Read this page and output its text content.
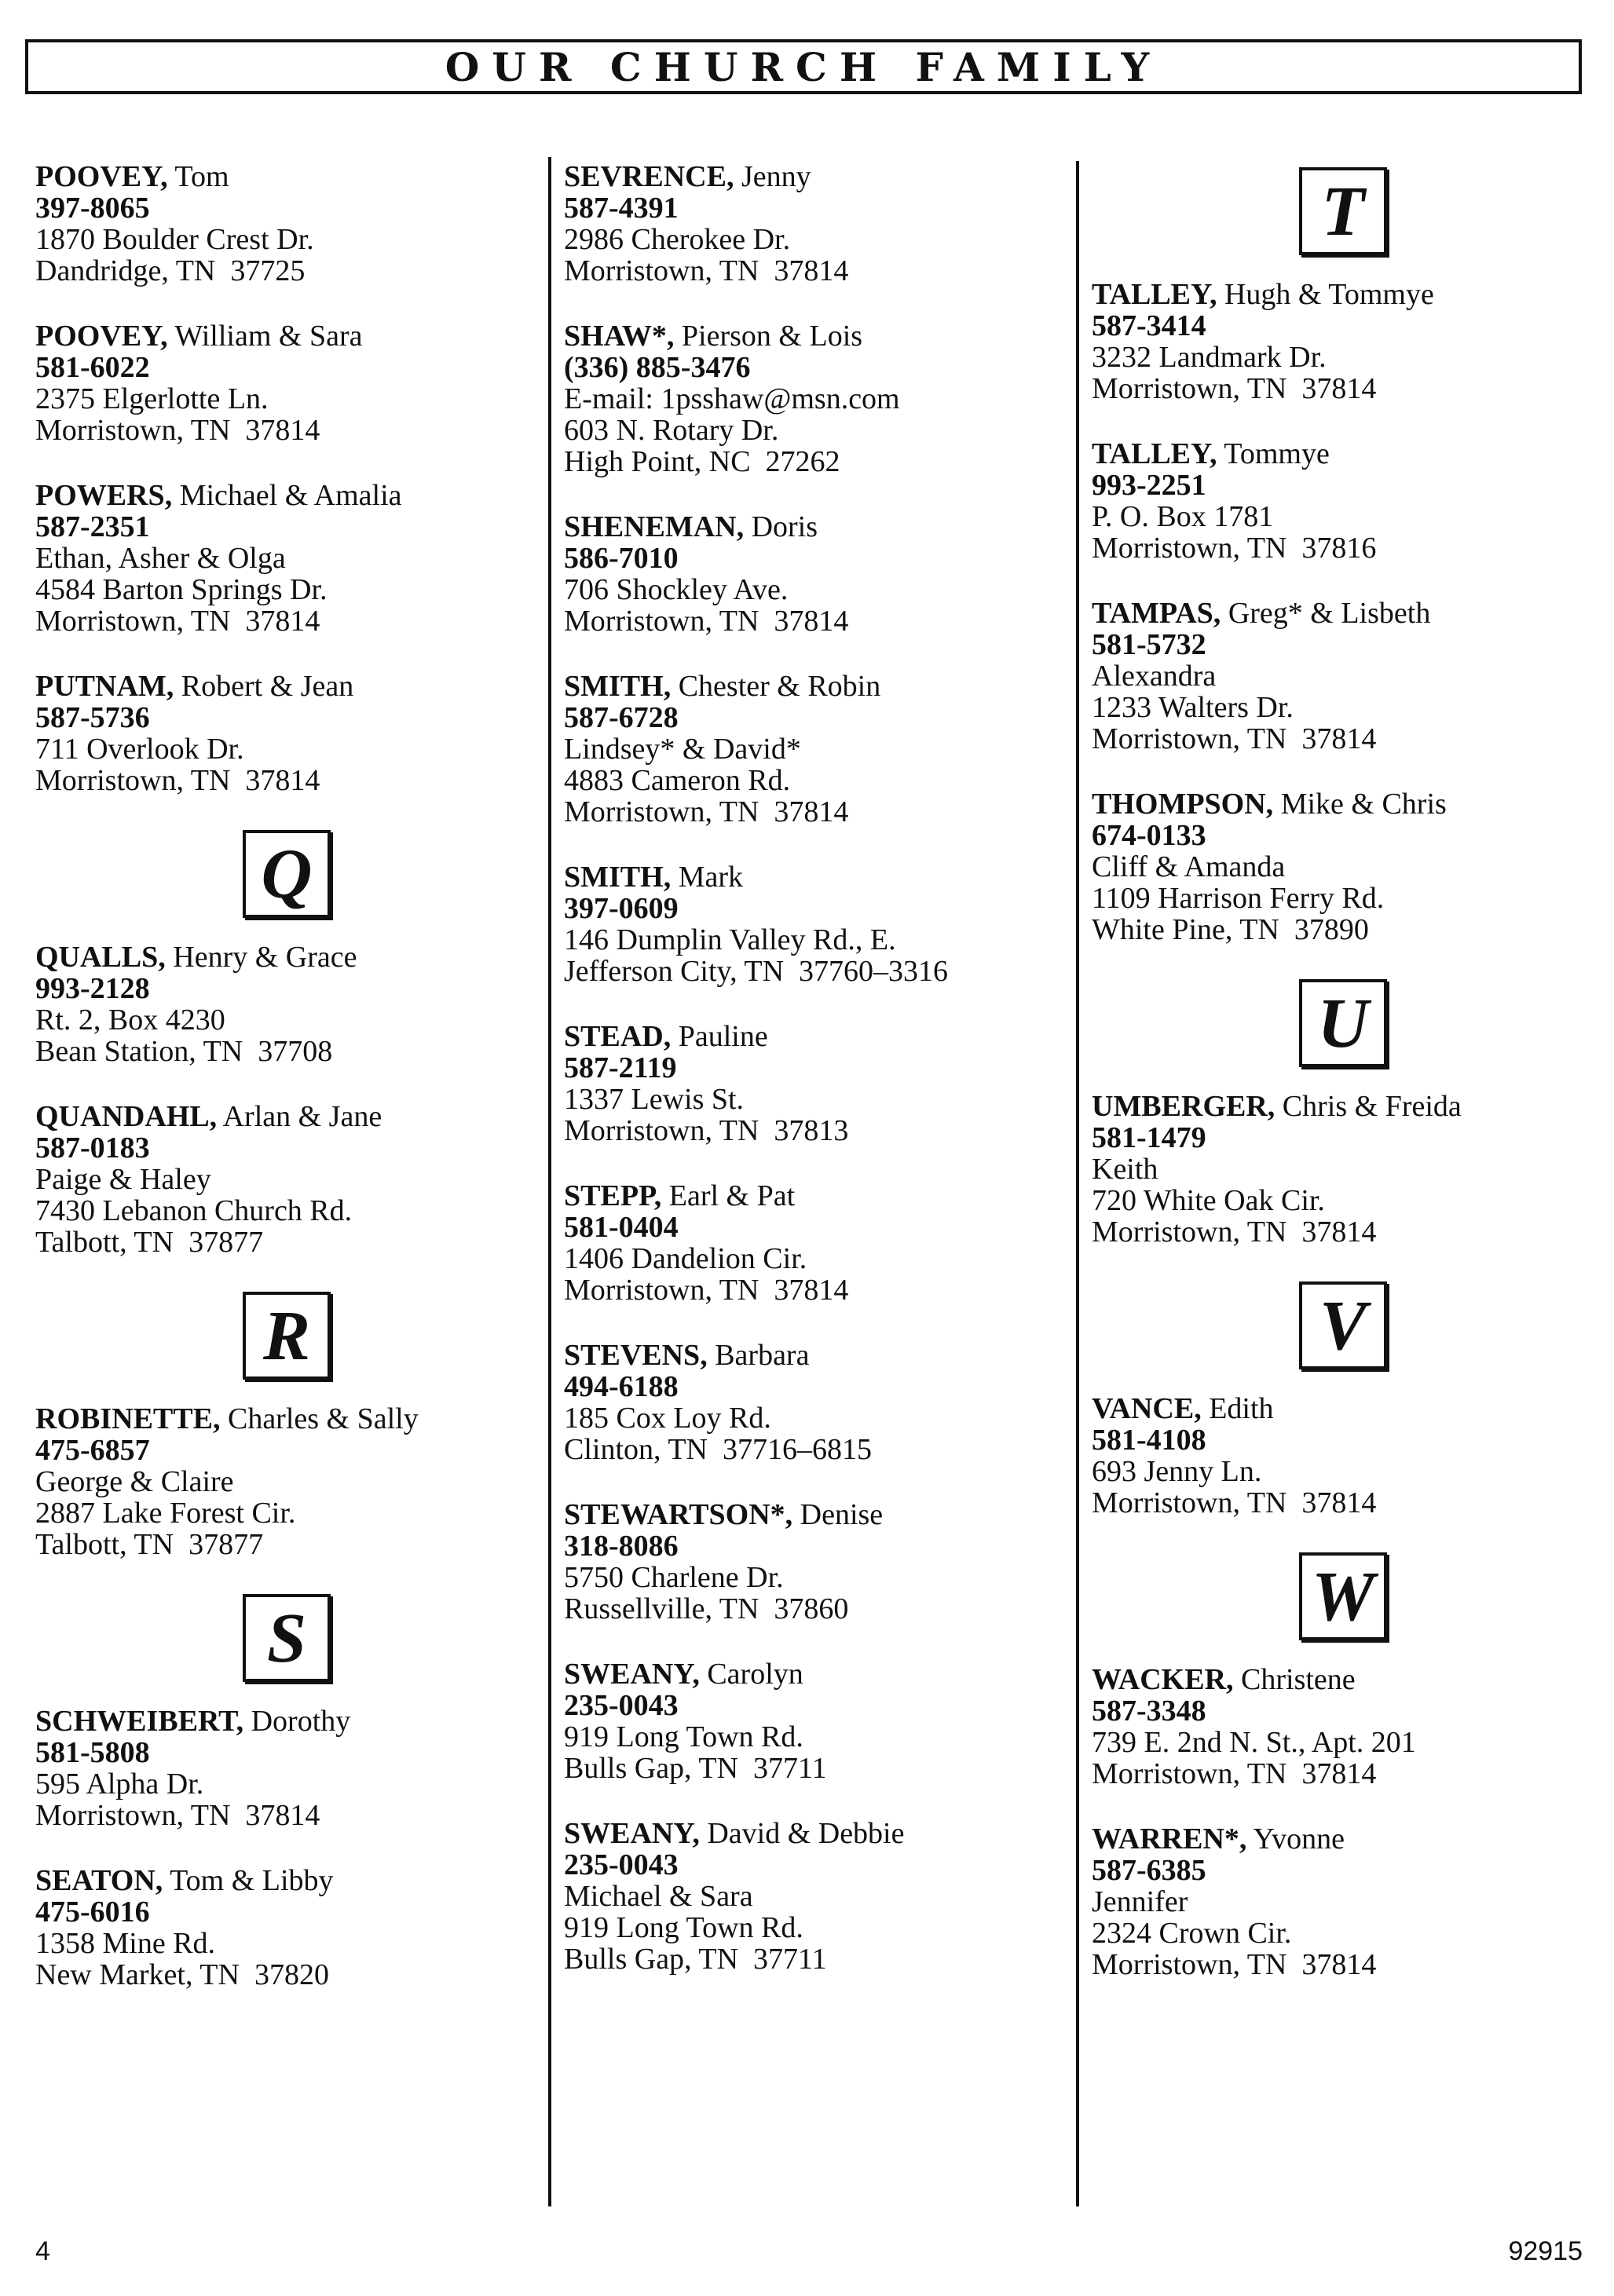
OUR CHURCH FAMILY
POOVEY, Tom
397-8065
1870 Boulder Crest Dr.
Dandridge, TN  37725
POOVEY, William & Sara
581-6022
2375 Elgerlotte Ln.
Morristown, TN  37814
POWERS, Michael & Amalia
587-2351
Ethan, Asher & Olga
4584 Barton Springs Dr.
Morristown, TN  37814
PUTNAM, Robert & Jean
587-5736
711 Overlook Dr.
Morristown, TN  37814
Q
QUALLS, Henry & Grace
993-2128
Rt. 2, Box 4230
Bean Station, TN  37708
QUANDAHL, Arlan & Jane
587-0183
Paige & Haley
7430 Lebanon Church Rd.
Talbott, TN  37877
R
ROBINETTE, Charles & Sally
475-6857
George & Claire
2887 Lake Forest Cir.
Talbott, TN  37877
S
SCHWEIBERT, Dorothy
581-5808
595 Alpha Dr.
Morristown, TN  37814
SEATON, Tom & Libby
475-6016
1358 Mine Rd.
New Market, TN  37820
SEVRENCE, Jenny
587-4391
2986 Cherokee Dr.
Morristown, TN  37814
SHAW*, Pierson & Lois
(336) 885-3476
E-mail: 1psshaw@msn.com
603 N. Rotary Dr.
High Point, NC  27262
SHENEMAN, Doris
586-7010
706 Shockley Ave.
Morristown, TN  37814
SMITH, Chester & Robin
587-6728
Lindsey* & David*
4883 Cameron Rd.
Morristown, TN  37814
SMITH, Mark
397-0609
146 Dumplin Valley Rd., E.
Jefferson City, TN  37760–3316
STEAD, Pauline
587-2119
1337 Lewis St.
Morristown, TN  37813
STEPP, Earl & Pat
581-0404
1406 Dandelion Cir.
Morristown, TN  37814
STEVENS, Barbara
494-6188
185 Cox Loy Rd.
Clinton, TN  37716–6815
STEWARTSON*, Denise
318-8086
5750 Charlene Dr.
Russellville, TN  37860
SWEANY, Carolyn
235-0043
919 Long Town Rd.
Bulls Gap, TN  37711
SWEANY, David & Debbie
235-0043
Michael & Sara
919 Long Town Rd.
Bulls Gap, TN  37711
T
TALLEY, Hugh & Tommye
587-3414
3232 Landmark Dr.
Morristown, TN  37814
TALLEY, Tommye
993-2251
P. O. Box 1781
Morristown, TN  37816
TAMPAS, Greg* & Lisbeth
581-5732
Alexandra
1233 Walters Dr.
Morristown, TN  37814
THOMPSON, Mike & Chris
674-0133
Cliff & Amanda
1109 Harrison Ferry Rd.
White Pine, TN  37890
U
UMBERGER, Chris & Freida
581-1479
Keith
720 White Oak Cir.
Morristown, TN  37814
V
VANCE, Edith
581-4108
693 Jenny Ln.
Morristown, TN  37814
W
WACKER, Christene
587-3348
739 E. 2nd N. St., Apt. 201
Morristown, TN  37814
WARREN*, Yvonne
587-6385
Jennifer
2324 Crown Cir.
Morristown, TN  37814
4	92915
